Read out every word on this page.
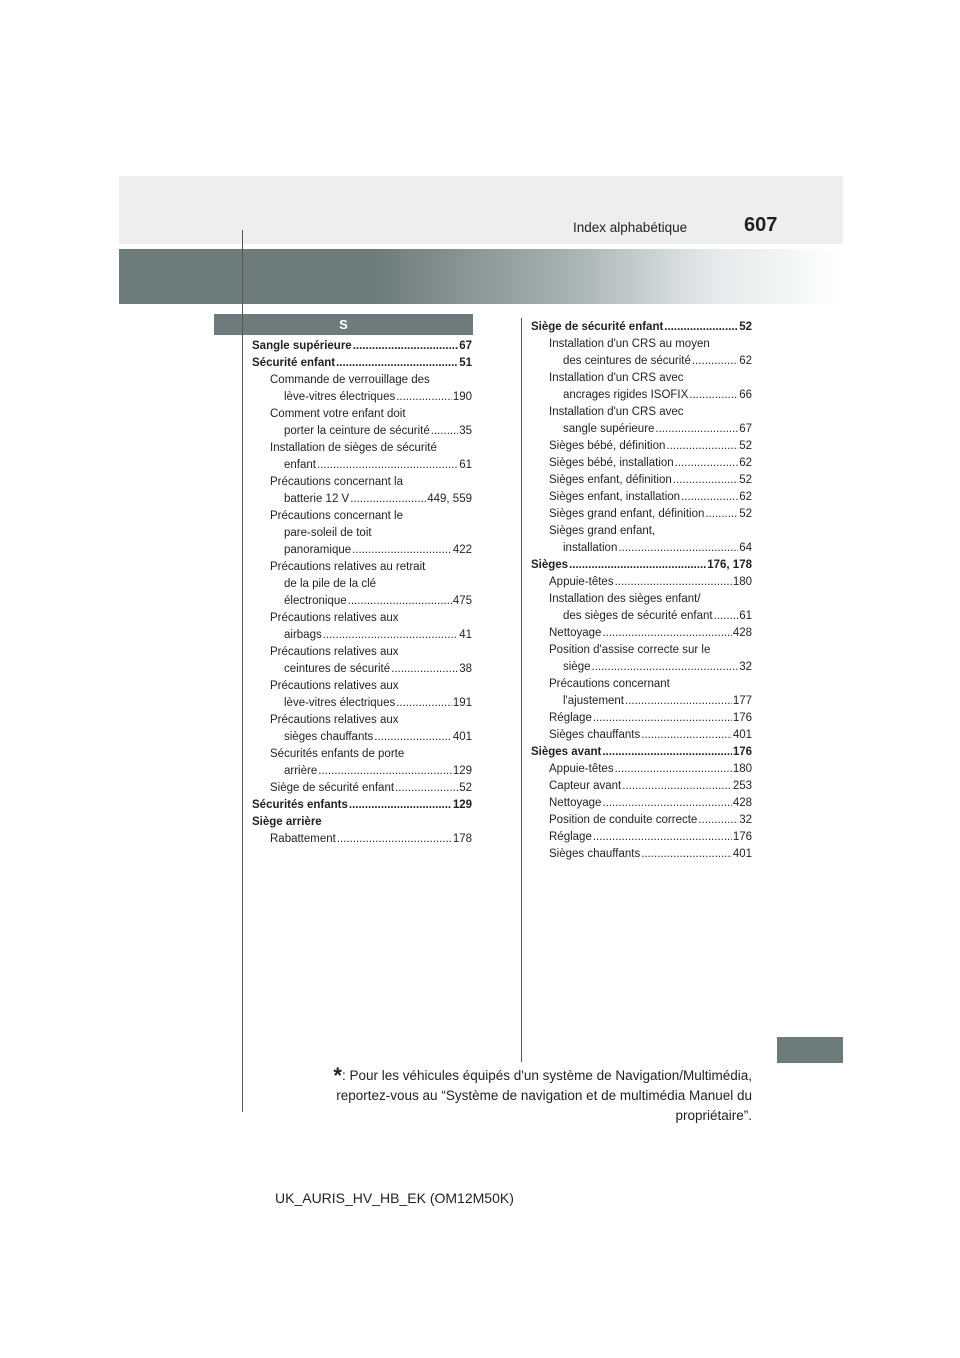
Index alphabétique	607
S
Sangle supérieure .....	67
Sécurité enfant .....	51
Commande de verrouillage des
lève-vitres électriques .....	190
Comment votre enfant doit
porter la ceinture de sécurité .....	35
Installation de sièges de sécurité
enfant .....	61
Précautions concernant la
batterie 12 V .....	449, 559
Précautions concernant le
pare-soleil de toit
panoramique .....	422
Précautions relatives au retrait
de la pile de la clé
électronique .....	475
Précautions relatives aux
airbags .....	41
Précautions relatives aux
ceintures de sécurité .....	38
Précautions relatives aux
lève-vitres électriques .....	191
Précautions relatives aux
sièges chauffants .....	401
Sécurités enfants de porte
arrière .....	129
Siège de sécurité enfant .....	52
Sécurités enfants .....	129
Siège arrière
Rabattement .....	178
Siège de sécurité enfant .....	52
Installation d'un CRS au moyen
des ceintures de sécurité .....	62
Installation d'un CRS avec
ancrages rigides ISOFIX .....	66
Installation d'un CRS avec
sangle supérieure .....	67
Sièges bébé, définition .....	52
Sièges bébé, installation .....	62
Sièges enfant, définition .....	52
Sièges enfant, installation .....	62
Sièges grand enfant, définition .....	52
Sièges grand enfant,
installation .....	64
Sièges .....	176, 178
Appuie-têtes .....	180
Installation des sièges enfant/
des sièges de sécurité enfant ..... 61
Nettoyage .....	428
Position d'assise correcte sur le
siège .....	32
Précautions concernant
l'ajustement .....	177
Réglage .....	176
Sièges chauffants .....	401
Sièges avant .....	176
Appuie-têtes .....	180
Capteur avant .....	253
Nettoyage .....	428
Position de conduite correcte .....	32
Réglage .....	176
Sièges chauffants .....	401
*: Pour les véhicules équipés d'un système de Navigation/Multimédia, reportez-vous au “Système de navigation et de multimédia Manuel du propriétaire”.
UK_AURIS_HV_HB_EK (OM12M50K)
